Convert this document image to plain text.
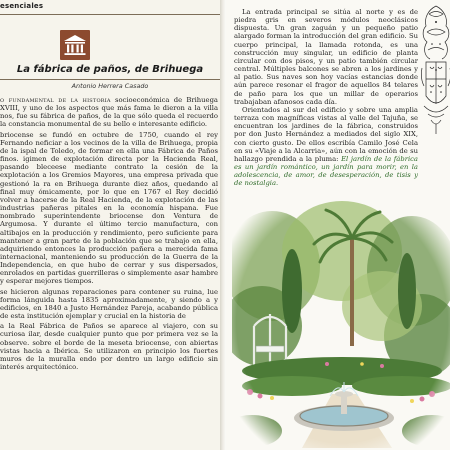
esenciales
La fábrica de paños, de Brihuega
Antonio Herrera Casado

o fundamental de la historia socioeconómica de Brihuega XVIII, y uno de los aspectos que más fama le dieron a la villa nos, fue su fábrica de paños, de la que sólo queda el recuerdo la constancia monumental de su bello e interesante edificio.

briocense se fundó en octubre de 1750, cuando el rey Fernando neficiar a los vecinos de la villa de Brihuega, propia de la ispal de Toledo, de formar en ella una Fábrica de Paños finos. igimen de explotación directa por la Hacienda Real, pasando bleceese mediante contrato la cesión de la explotación a los Gremios Mayores, una empresa privada que gestionó la ra en Brihuega durante diez años, quedando al final muy ómicamente, por lo que en 1767 el Rey decidió volver a hacerse de la Real Hacienda, de la explotación de las industrias pañeras pitales en la economía hispana. Fue nombrado superintendente briocense don Ventura de Argumosa. Y durante el último tercio manufactura, con altibajos en la producción y rendimiento, pero suficiente para mantener a gran parte de la población que se trabajo en ella, adquiriendo entonces la producción pañera a merecida fama internacional, manteniendo su producción de la Guerra de la Independencia, en que hubo de cerrar y sus dispersados, enrolados en partidas guerrilleras o simplemente asar hambre y esperar mejores tiempos.

se hicieron algunas reparaciones para contener su ruina, lue forma lánguida hasta 1835 aproximadamente, y siendo a y edificios, en 1840 a Justo Hernández Pareja, acabando pública de esta institución ejemplar y crucial en la historia de

a la Real Fábrica de Paños se aparece al viajero, con su curiosa ilar, desde cualquier punto que por primera vez se la observe. sobre el borde de la meseta briocense, con abiertas vistas hacia a Ibérica. Se utilizaron en principio los fuertes muros de la muralla endo por dentro un largo edificio sin interés arquitectónico.

La entrada principal se sitúa al norte y es de piedra gris en severos módulos neoclásicos dispuesta. Un gran zaguán y un pequeño patio alargado forman la introducción del gran edificio. Su cuerpo principal, la llamada rotonda, es una construcción muy singular, un edificio de planta circular con dos pisos, y un patio también circular central. Múltiples balcones se abren a los jardines y al patio. Sus naves son hoy vacías estancias donde aún parece resonar el fragor de aquellos 84 telares de paño para los que un millar de operarios trabajaban afanosos cada día.

Orientados al sur del edificio y sobre una amplia terraza con magníficas vistas al valle del Tajuña, se encuentran los jardines de la fábrica, construidos por don Justo Hernández a mediados del siglo XIX, con cierto gusto. De ellos escribía Camilo José Cela en su «Viaje a la Alcarria», aún con la emoción de su hallazgo prendida a la pluma: El jardín de la fábrica es un jardín romántico, un jardín para morir, en la adolescencia, de amor, de desesperación, de tisis y de nostalgia.
